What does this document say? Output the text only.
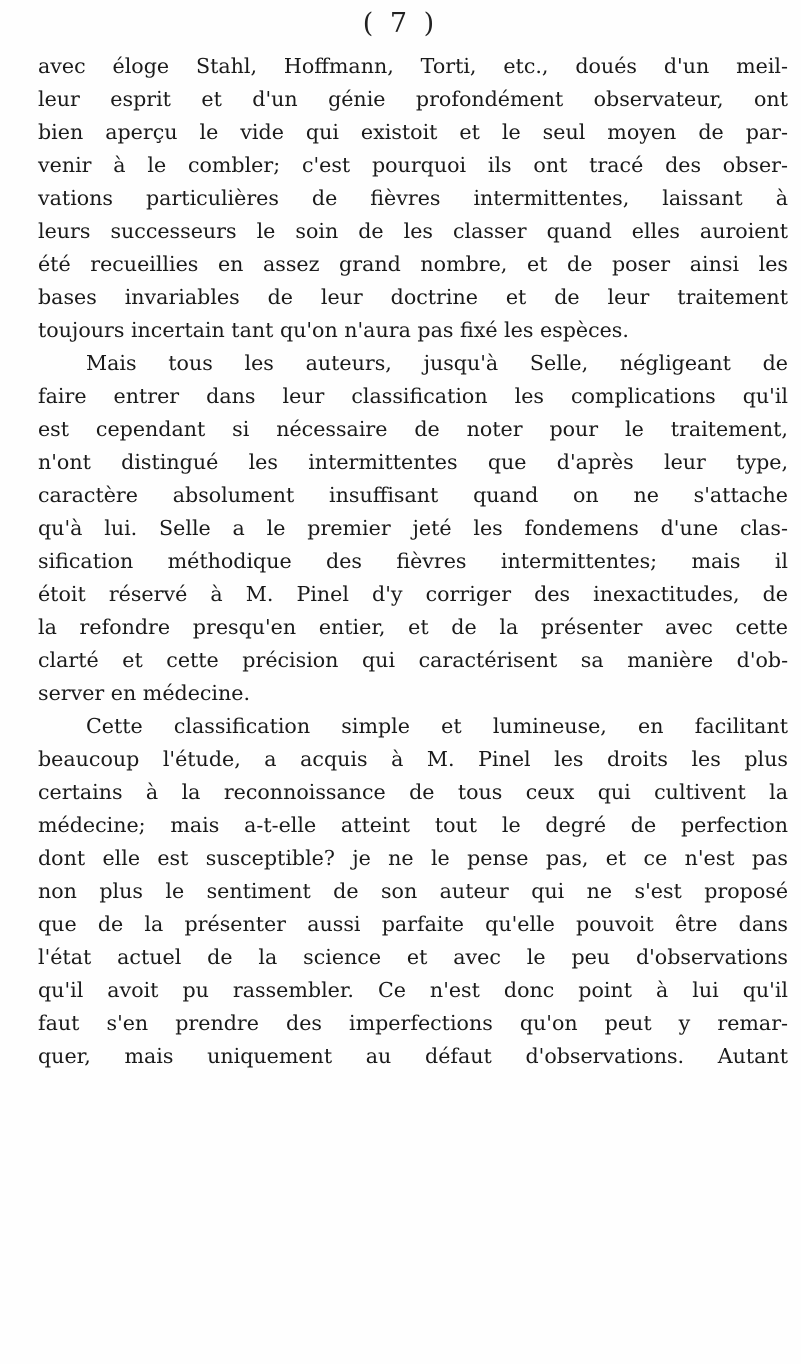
( 7 )
avec éloge Stahl, Hoffmann, Torti, etc., doués d'un meil-
leur esprit et d'un génie profondément observateur, ont
bien aperçu le vide qui existoit et le seul moyen de par-
venir à le combler; c'est pourquoi ils ont tracé des obser-
vations particulières de fièvres intermittentes, laissant à
leurs successeurs le soin de les classer quand elles auroient
été recueillies en assez grand nombre, et de poser ainsi les
bases invariables de leur doctrine et de leur traitement
toujours incertain tant qu'on n'aura pas fixé les espèces.
Mais tous les auteurs, jusqu'à Selle, négligeant de
faire entrer dans leur classification les complications qu'il
est cependant si nécessaire de noter pour le traitement,
n'ont distingué les intermittentes que d'après leur type,
caractère absolument insuffisant quand on ne s'attache
qu'à lui. Selle a le premier jeté les fondemens d'une clas-
sification méthodique des fièvres intermittentes; mais il
étoit réservé à M. Pinel d'y corriger des inexactitudes, de
la refondre presqu'en entier, et de la présenter avec cette
clarté et cette précision qui caractérisent sa manière d'ob-
server en médecine.
Cette classification simple et lumineuse, en facilitant
beaucoup l'étude, a acquis à M. Pinel les droits les plus
certains à la reconnoissance de tous ceux qui cultivent la
médecine; mais a-t-elle atteint tout le degré de perfection
dont elle est susceptible? je ne le pense pas, et ce n'est pas
non plus le sentiment de son auteur qui ne s'est proposé
que de la présenter aussi parfaite qu'elle pouvoit être dans
l'état actuel de la science et avec le peu d'observations
qu'il avoit pu rassembler. Ce n'est donc point à lui qu'il
faut s'en prendre des imperfections qu'on peut y remar-
quer, mais uniquement au défaut d'observations. Autant
